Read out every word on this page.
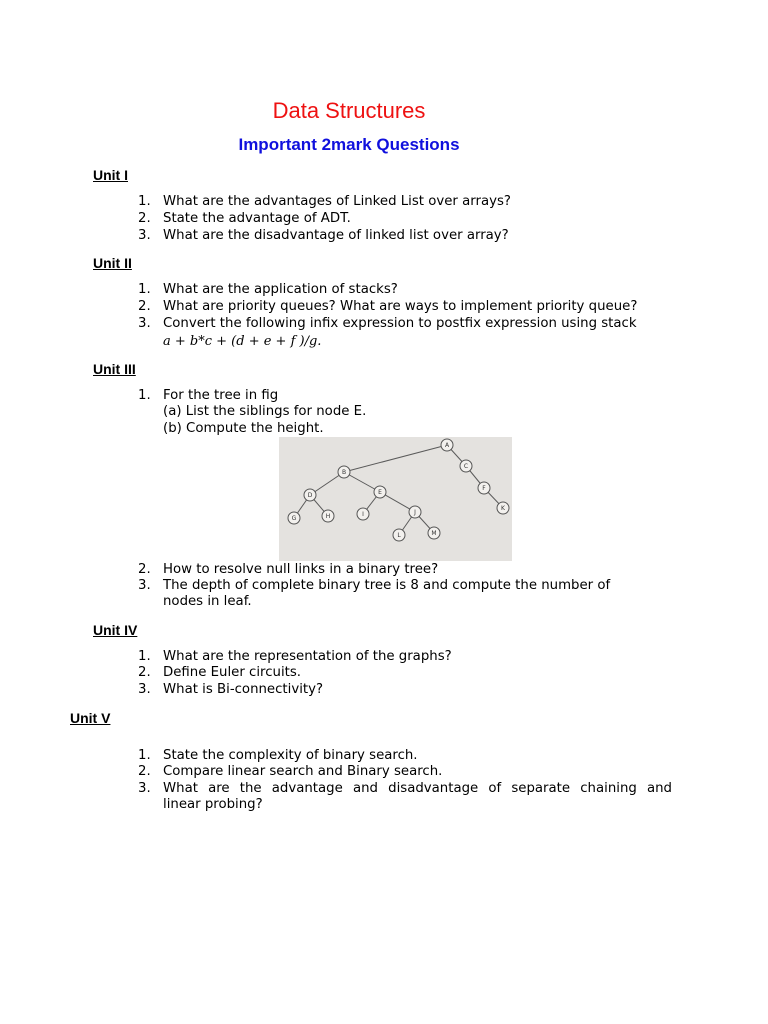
Data Structures
Important 2mark Questions
Unit I
1. What are the advantages of Linked List over arrays?
2. State the advantage of ADT.
3. What are the disadvantage of linked list over array?
Unit II
1. What are the application of stacks?
2. What are priority queues? What are ways to implement priority queue?
3. Convert the following infix expression to postfix expression using stack
a + b*c + (d + e + f )/g.
Unit III
1. For the tree in fig
(a) List the siblings for node E.
(b) Compute the height.
A
B
C
D	E
F
G	H	I	J
K
L	M
2. How to resolve null links in a binary tree?
3. The depth of complete binary tree is 8 and compute the number of
nodes in leaf.
Unit IV
1. What are the representation of the graphs?
2. Define Euler circuits.
3. What is Bi-connectivity?
Unit V
1. State the complexity of binary search.
2. Compare linear search and Binary search.
3. What are the advantage and disadvantage of separate chaining and
linear probing?
